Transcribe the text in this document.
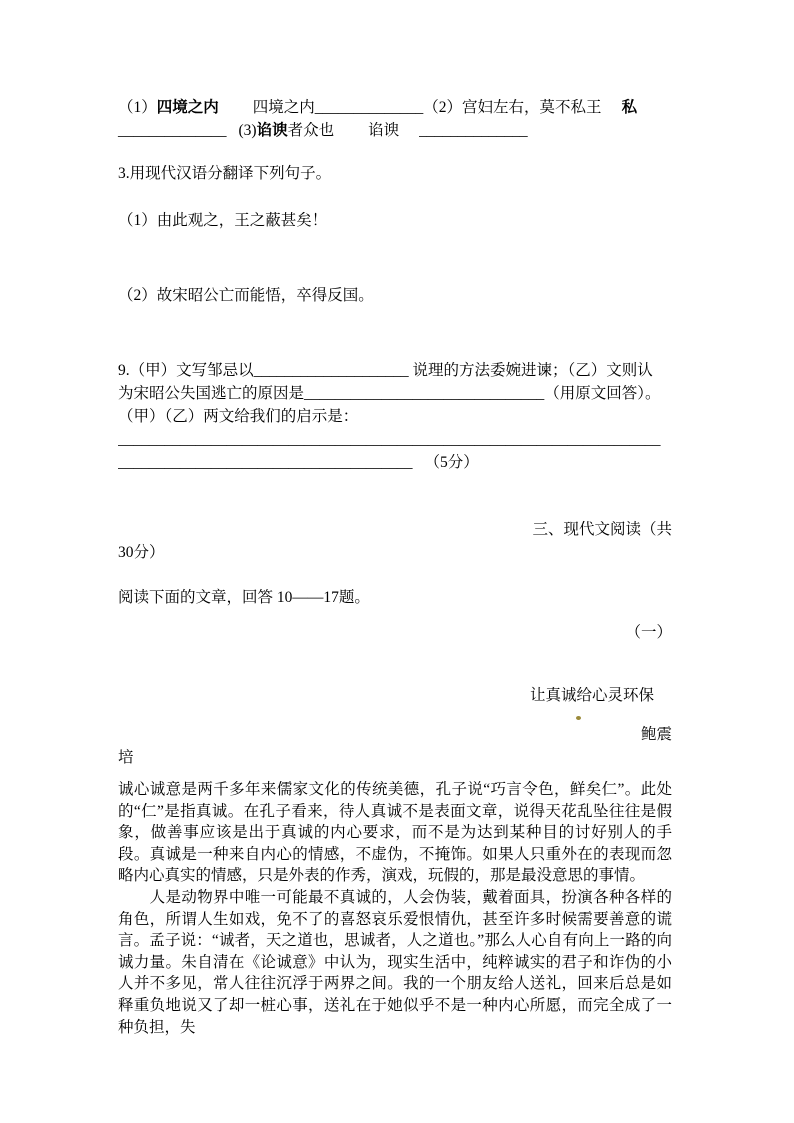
（1）四境之内 四境之内______________（2）宫妇左右，莫不私王 私

______________ (3)谄谀者众也 谄谀 ______________

3.用现代汉语分翻译下列句子。

（1）由此观之，王之蔽甚矣！

（2）故宋昭公亡而能悟，卒得反国。

9.（甲）文写邹忌以____________________ 说理的方法委婉进谏；（乙）文则认

为宋昭公失国逃亡的原因是_______________________________（用原文回答）。

（甲）（乙）两文给我们的启示是：

______________________________________________________________________

______________________________________ （5分）

三、现代文阅读（共

30分）

阅读下面的文章，回答 10——17题。

（一）

让真诚给心灵环保

鲍震

培

诚心诚意是两千多年来儒家文化的传统美德，孔子说“巧言令色，鲜矣仁”。此处的“仁”是指真诚。在孔子看来，待人真诚不是表面文章，说得天花乱坠往往是假象，做善事应该是出于真诚的内心要求，而不是为达到某种目的讨好别人的手段。真诚是一种来自内心的情感，不虚伪，不掩饰。如果人只重外在的表现而忽略内心真实的情感，只是外表的作秀，演戏，玩假的，那是最没意思的事情。

　　人是动物界中唯一可能最不真诚的，人会伪装，戴着面具，扮演各种各样的角色，所谓人生如戏，免不了的喜怒哀乐爱恨情仇，甚至许多时候需要善意的谎言。孟子说：“诚者，天之道也，思诚者，人之道也。”那么人心自有向上一路的向诚力量。朱自清在《论诚意》中认为，现实生活中，纯粹诚实的君子和诈伪的小人并不多见，常人往往沉浮于两界之间。我的一个朋友给人送礼，回来后总是如释重负地说又了却一桩心事，送礼在于她似乎不是一种内心所愿，而完全成了一种负担，失
